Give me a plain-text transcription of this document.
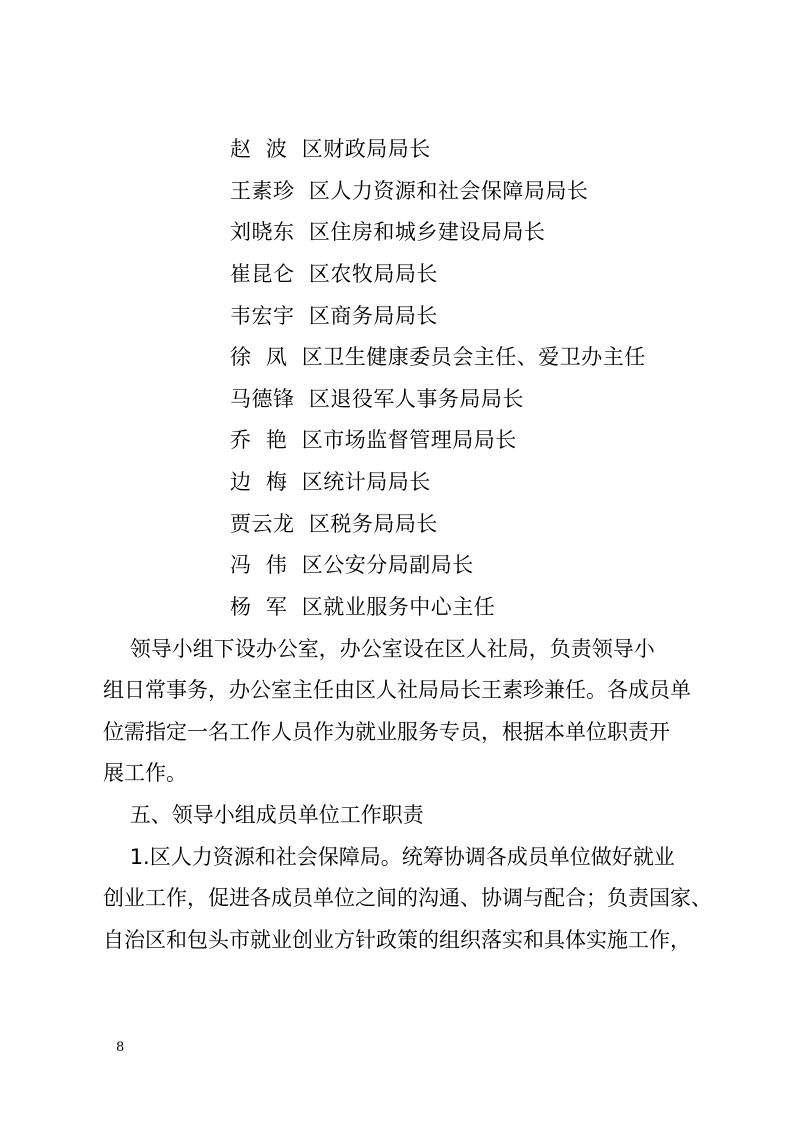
赵  波  区财政局局长
王素珍  区人力资源和社会保障局局长
刘晓东  区住房和城乡建设局局长
崔昆仑  区农牧局局长
韦宏宇  区商务局局长
徐  凤  区卫生健康委员会主任、爱卫办主任
马德锋  区退役军人事务局局长
乔  艳  区市场监督管理局局长
边  梅  区统计局局长
贾云龙  区税务局局长
冯  伟  区公安分局副局长
杨  军  区就业服务中心主任
领导小组下设办公室，办公室设在区人社局，负责领导小
组日常事务，办公室主任由区人社局局长王素珍兼任。各成员单
位需指定一名工作人员作为就业服务专员，根据本单位职责开
展工作。
五、领导小组成员单位工作职责
1.区人力资源和社会保障局。统筹协调各成员单位做好就业
创业工作，促进各成员单位之间的沟通、协调与配合；负责国家、
自治区和包头市就业创业方针政策的组织落实和具体实施工作，
8
